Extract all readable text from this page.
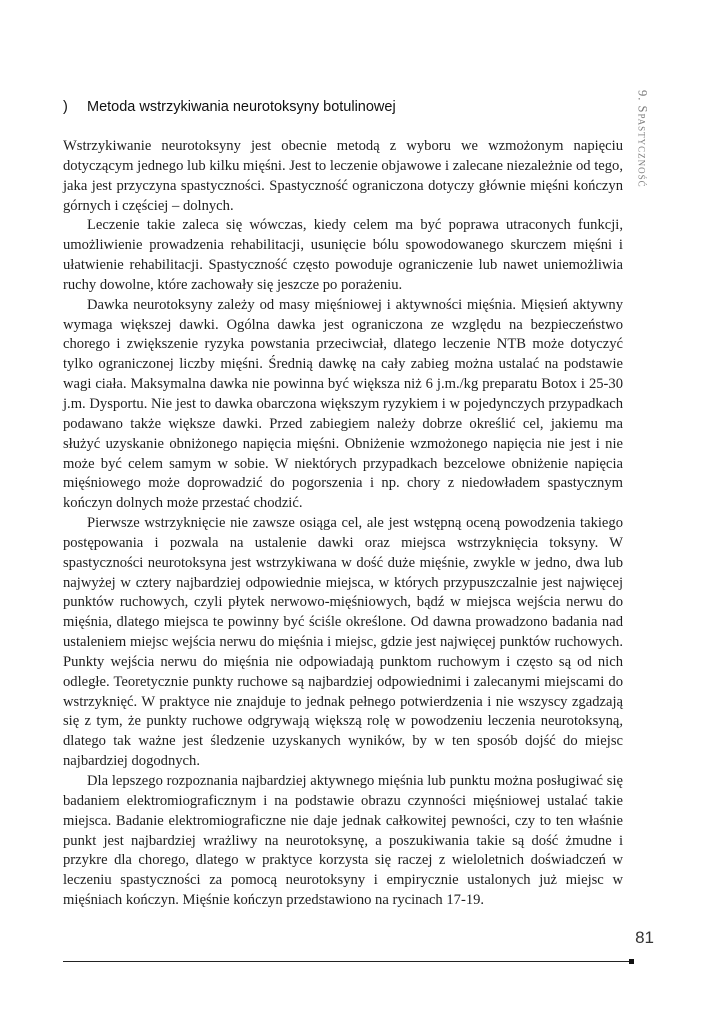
) Metoda wstrzykiwania neurotoksyny botulinowej	9. Spastyczność

Wstrzykiwanie neurotoksyny jest obecnie metodą z wyboru we wzmożonym napięciu dotyczącym jednego lub kilku mięśni. Jest to leczenie objawowe i zalecane niezależnie od tego, jaka jest przyczyna spastyczności. Spastyczność ograniczona dotyczy głównie mięśni kończyn górnych i częściej – dolnych.

Leczenie takie zaleca się wówczas, kiedy celem ma być poprawa utraconych funkcji, umożliwienie prowadzenia rehabilitacji, usunięcie bólu spowodowanego skurczem mięśni i ułatwienie rehabilitacji. Spastyczność często powoduje ograniczenie lub nawet uniemożliwia ruchy dowolne, które zachowały się jeszcze po porażeniu.

Dawka neurotoksyny zależy od masy mięśniowej i aktywności mięśnia. Mięsień aktywny wymaga większej dawki. Ogólna dawka jest ograniczona ze względu na bezpieczeństwo chorego i zwiększenie ryzyka powstania przeciwciał, dlatego leczenie NTB może dotyczyć tylko ograniczonej liczby mięśni. Średnią dawkę na cały zabieg można ustalać na podstawie wagi ciała. Maksymalna dawka nie powinna być większa niż 6 j.m./kg preparatu Botox i 25-30 j.m. Dysportu. Nie jest to dawka obarczona większym ryzykiem i w pojedynczych przypadkach podawano także większe dawki. Przed zabiegiem należy dobrze określić cel, jakiemu ma służyć uzyskanie obniżonego napięcia mięśni. Obniżenie wzmożonego napięcia nie jest i nie może być celem samym w sobie. W niektórych przypadkach bezcelowe obniżenie napięcia mięśniowego może doprowadzić do pogorszenia i np. chory z niedowładem spastycznym kończyn dolnych może przestać chodzić.

Pierwsze wstrzyknięcie nie zawsze osiąga cel, ale jest wstępną oceną powodzenia takiego postępowania i pozwala na ustalenie dawki oraz miejsca wstrzyknięcia toksyny. W spastyczności neurotoksyna jest wstrzykiwana w dość duże mięśnie, zwykle w jedno, dwa lub najwyżej w cztery najbardziej odpowiednie miejsca, w których przypuszczalnie jest najwięcej punktów ruchowych, czyli płytek nerwowo-mięśniowych, bądź w miejsca wejścia nerwu do mięśnia, dlatego miejsca te powinny być ściśle określone. Od dawna prowadzono badania nad ustaleniem miejsc wejścia nerwu do mięśnia i miejsc, gdzie jest najwięcej punktów ruchowych. Punkty wejścia nerwu do mięśnia nie odpowiadają punktom ruchowym i często są od nich odległe. Teoretycznie punkty ruchowe są najbardziej odpowiednimi i zalecanymi miejscami do wstrzyknięć. W praktyce nie znajduje to jednak pełnego potwierdzenia i nie wszyscy zgadzają się z tym, że punkty ruchowe odgrywają większą rolę w powodzeniu leczenia neurotoksyną, dlatego tak ważne jest śledzenie uzyskanych wyników, by w ten sposób dojść do miejsc najbardziej dogodnych.

Dla lepszego rozpoznania najbardziej aktywnego mięśnia lub punktu można posługiwać się badaniem elektromiograficznym i na podstawie obrazu czynności mięśniowej ustalać takie miejsca. Badanie elektromiograficzne nie daje jednak całkowitej pewności, czy to ten właśnie punkt jest najbardziej wrażliwy na neurotoksynę, a poszukiwania takie są dość żmudne i przykre dla chorego, dlatego w praktyce korzysta się raczej z wieloletnich doświadczeń w leczeniu spastyczności za pomocą neurotoksyny i empirycznie ustalonych już miejsc w mięśniach kończyn. Mięśnie kończyn przedstawiono na rycinach 17-19.

81
